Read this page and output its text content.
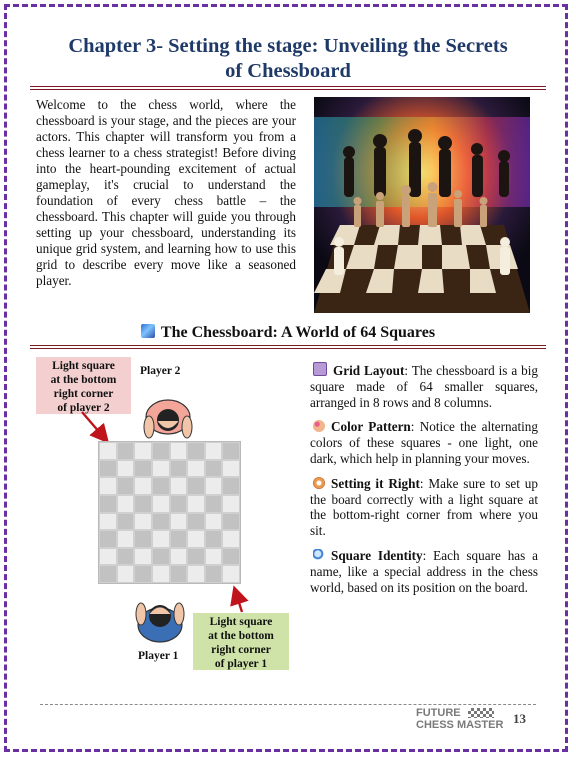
Chapter 3- Setting the stage: Unveiling the Secrets
of Chessboard
Welcome to the chess world, where the chessboard is your stage, and the pieces are your actors. This chapter will transform you from a chess learner to a chess strategist! Before diving into the heart-pounding excitement of actual gameplay, it's crucial to understand the foundation of every chess battle – the chessboard. This chapter will guide you through setting up your chessboard, understanding its unique grid system, and learning how to use this grid to describe every move like a seasoned player.
The Chessboard: A World of 64 Squares
Light square
at the bottom
right corner
of player 2
Player 2
Player 1
Light square
at the bottom
right corner
of player 1
Grid Layout: The chessboard is a big square made of 64 smaller squares, arranged in 8 rows and 8 columns.
Color Pattern: Notice the alternating colors of these squares - one light, one dark, which help in planning your moves.
Setting it Right: Make sure to set up the board correctly with a light square at the bottom-right corner from where you sit.
Square Identity: Each square has a name, like a special address in the chess world, based on its position on the board.
FUTURE
CHESS MASTER 13
